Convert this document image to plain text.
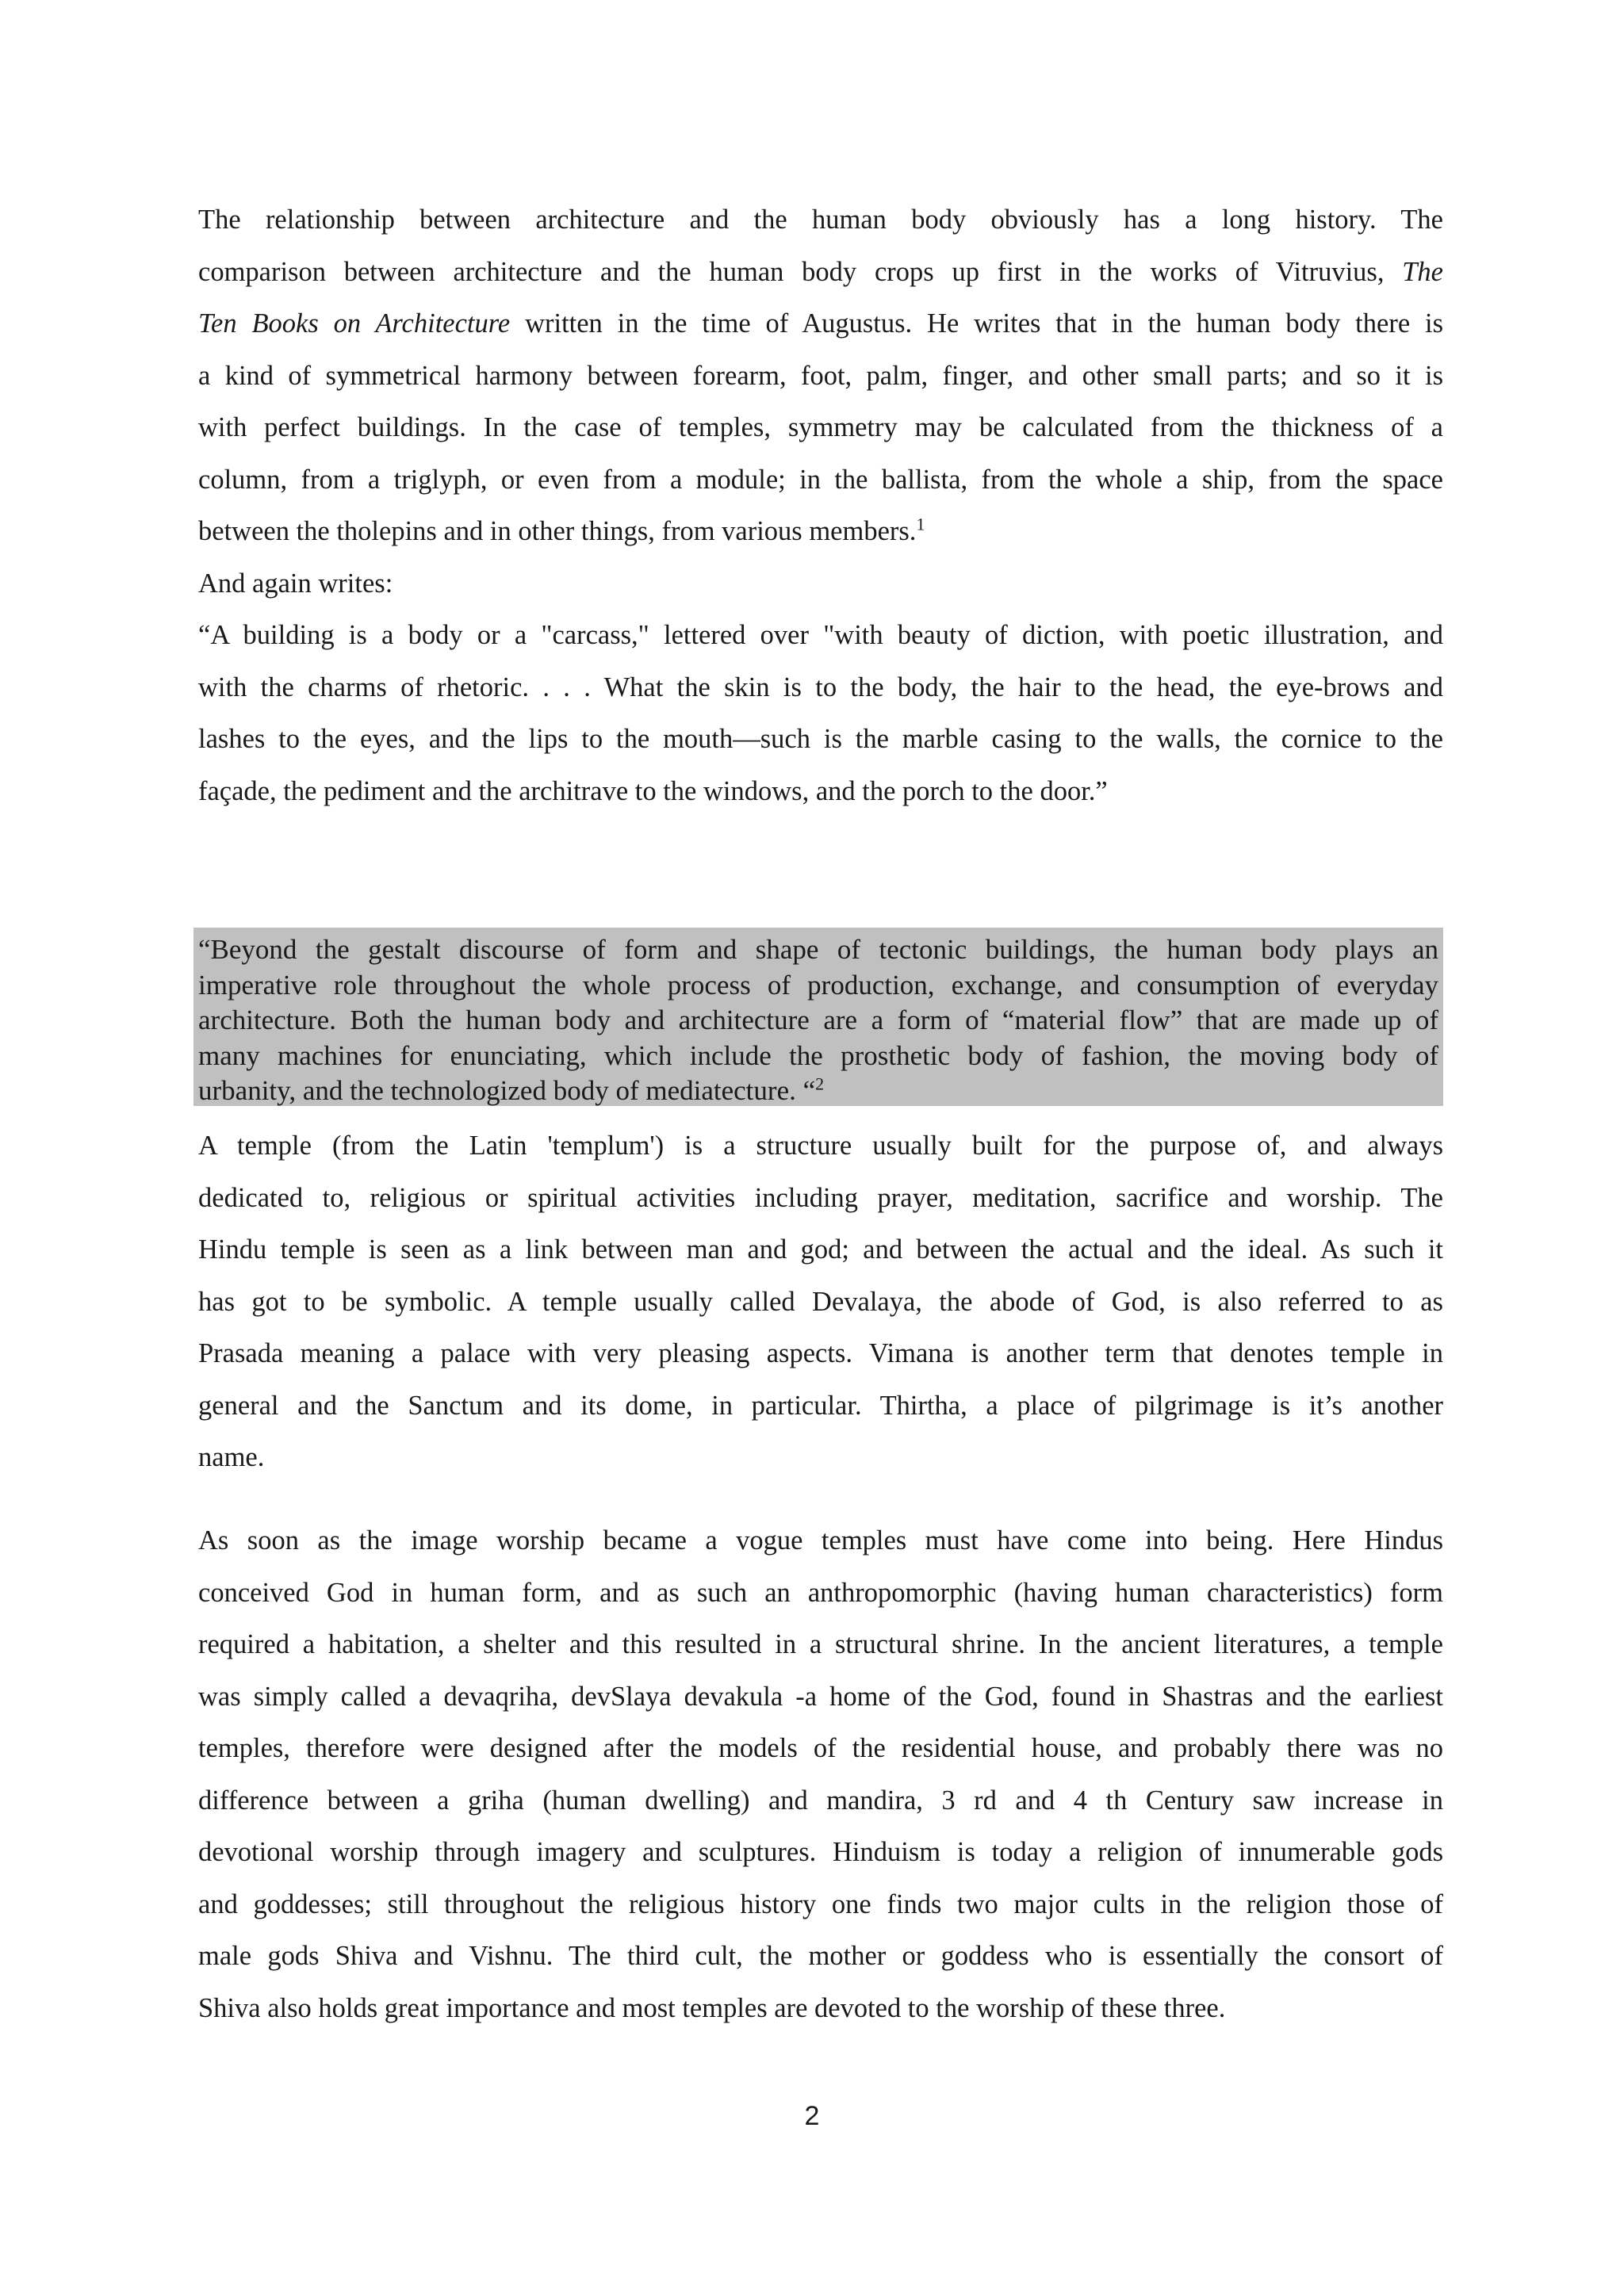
The relationship between architecture and the human body obviously has a long history. The
comparison between architecture and the human body crops up first in the works of Vitruvius, The
Ten Books on Architecture written in the time of Augustus. He writes that in the human body there is
a kind of symmetrical harmony between forearm, foot, palm, finger, and other small parts; and so it is
with perfect buildings. In the case of temples, symmetry may be calculated from the thickness of a
column, from a triglyph, or even from a module; in the ballista, from the whole a ship, from the space
between the tholepins and in other things, from various members.$^1$

And again writes:

“A building is a body or a "carcass," lettered over "with beauty of diction, with poetic illustration, and
with the charms of rhetoric. . . . What the skin is to the body, the hair to the head, the eye-brows and
lashes to the eyes, and the lips to the mouth—such is the marble casing to the walls, the cornice to the
façade, the pediment and the architrave to the windows, and the porch to the door.”

“Beyond the gestalt discourse of form and shape of tectonic buildings, the human body plays an
imperative role throughout the whole process of production, exchange, and consumption of everyday
architecture. Both the human body and architecture are a form of “material flow” that are made up of
many machines for enunciating, which include the prosthetic body of fashion, the moving body of
urbanity, and the technologized body of mediatecture. “$^2$

A temple (from the Latin 'templum') is a structure usually built for the purpose of, and always
dedicated to, religious or spiritual activities including prayer, meditation, sacrifice and worship. The
Hindu temple is seen as a link between man and god; and between the actual and the ideal. As such it
has got to be symbolic. A temple usually called Devalaya, the abode of God, is also referred to as
Prasada meaning a palace with very pleasing aspects. Vimana is another term that denotes temple in
general and the Sanctum and its dome, in particular. Thirtha, a place of pilgrimage is it’s another
name.

As soon as the image worship became a vogue temples must have come into being. Here Hindus
conceived God in human form, and as such an anthropomorphic (having human characteristics) form
required a habitation, a shelter and this resulted in a structural shrine. In the ancient literatures, a temple
was simply called a devaqriha, devSlaya devakula -a home of the God, found in Shastras and the earliest
temples, therefore were designed after the models of the residential house, and probably there was no
difference between a griha (human dwelling) and mandira, 3 rd and 4 th Century saw increase in
devotional worship through imagery and sculptures. Hinduism is today a religion of innumerable gods
and goddesses; still throughout the religious history one finds two major cults in the religion those of
male gods Shiva and Vishnu. The third cult, the mother or goddess who is essentially the consort of
Shiva also holds great importance and most temples are devoted to the worship of these three.

2
